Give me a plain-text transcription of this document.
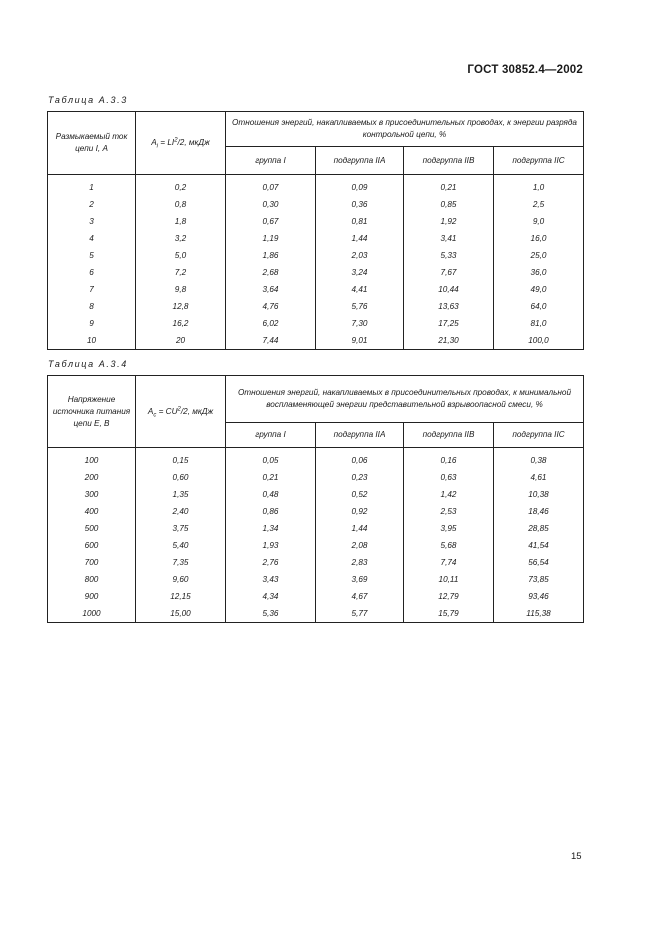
ГОСТ 30852.4—2002
Таблица А.3.3
Размыкаемый ток цепи I, А	$A_i = LI^2/2$, мкДж	Отношения энергий, накапливаемых в присоединительных проводах, к энергии разряда контрольной цепи, %			
		группа I	подгруппа IIA	подгруппа IIB	подгруппа IIC
1	0,2	0,07	0,09	0,21	1,0
2	0,8	0,30	0,36	0,85	2,5
3	1,8	0,67	0,81	1,92	9,0
4	3,2	1,19	1,44	3,41	16,0
5	5,0	1,86	2,03	5,33	25,0
6	7,2	2,68	3,24	7,67	36,0
7	9,8	3,64	4,41	10,44	49,0
8	12,8	4,76	5,76	13,63	64,0
9	16,2	6,02	7,30	17,25	81,0
10	20	7,44	9,01	21,30	100,0
Таблица А.3.4
Напряжение источника питания цепи E, В	$A_c = CU^2/2$, мкДж	Отношения энергий, накапливаемых в присоединительных проводах, к минимальной воспламеняющей энергии представительной взрывоопасной смеси, %			
		группа I	подгруппа IIA	подгруппа IIB	подгруппа IIC
100	0,15	0,05	0,06	0,16	0,38
200	0,60	0,21	0,23	0,63	4,61
300	1,35	0,48	0,52	1,42	10,38
400	2,40	0,86	0,92	2,53	18,46
500	3,75	1,34	1,44	3,95	28,85
600	5,40	1,93	2,08	5,68	41,54
700	7,35	2,76	2,83	7,74	56,54
800	9,60	3,43	3,69	10,11	73,85
900	12,15	4,34	4,67	12,79	93,46
1000	15,00	5,36	5,77	15,79	115,38
15
